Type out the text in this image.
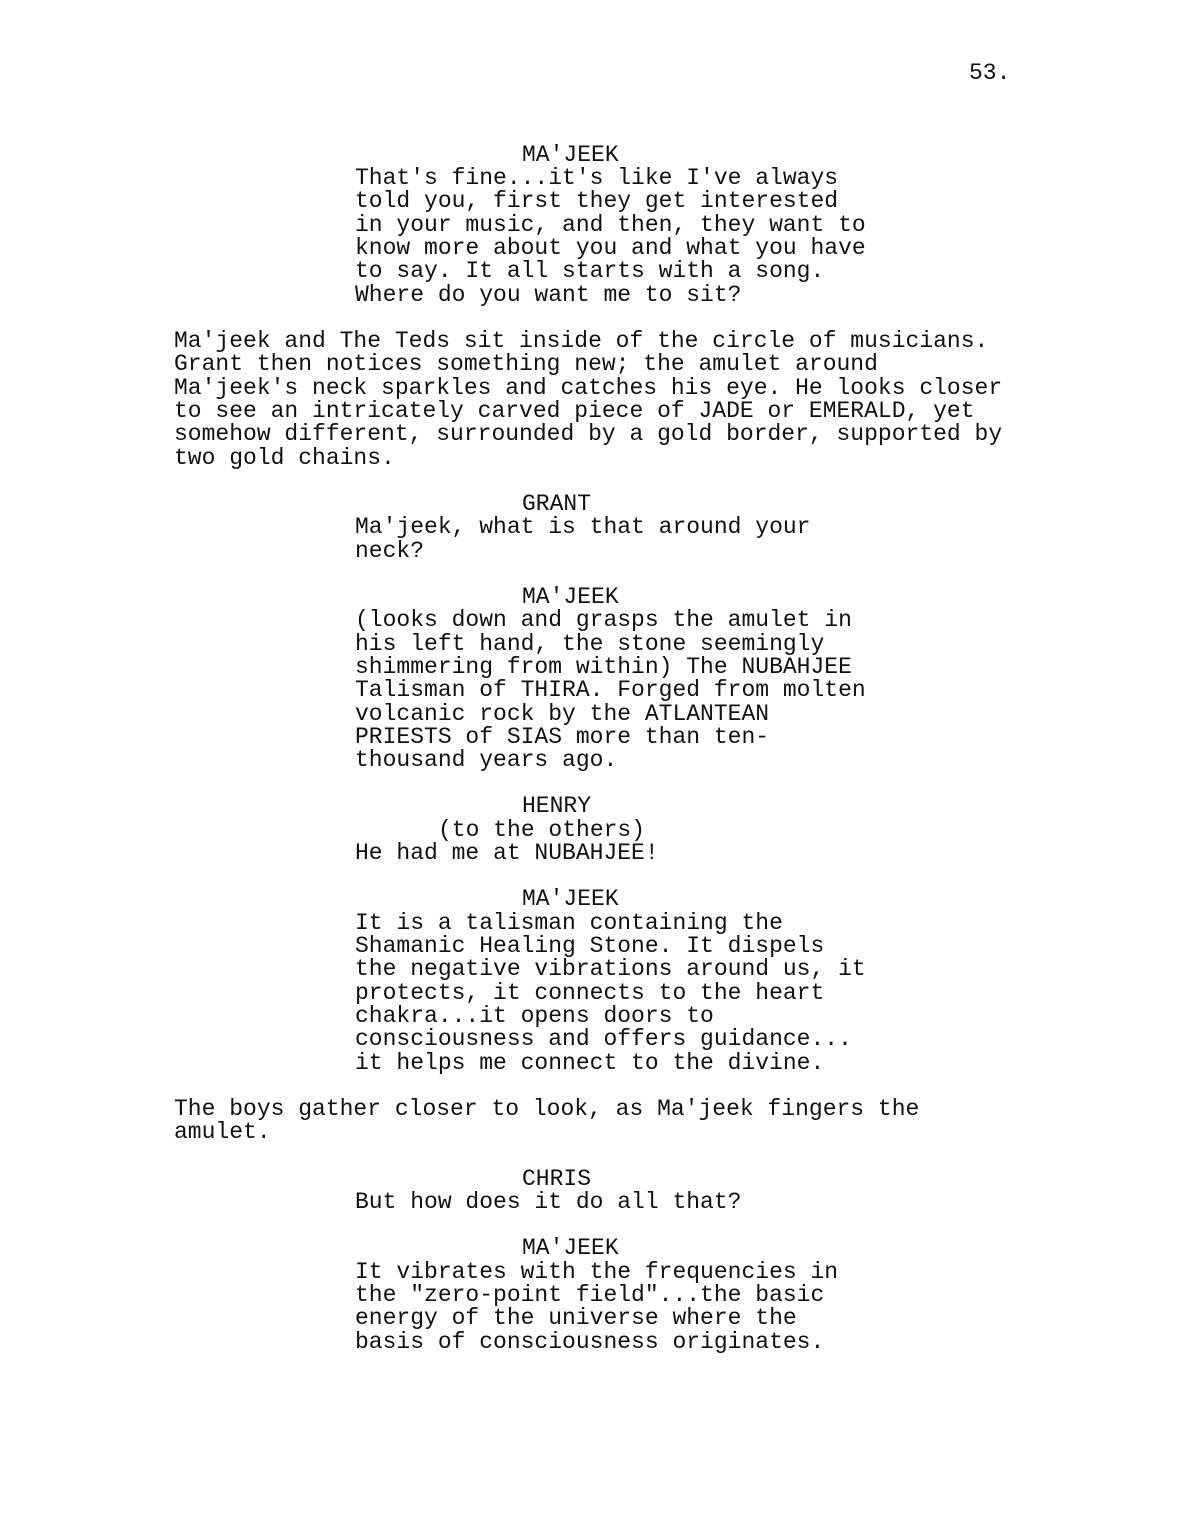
53.
MA'JEEK
That's fine...it's like I've always
told you, first they get interested
in your music, and then, they want to
know more about you and what you have
to say. It all starts with a song.
Where do you want me to sit?
Ma'jeek and The Teds sit inside of the circle of musicians.
Grant then notices something new; the amulet around
Ma'jeek's neck sparkles and catches his eye. He looks closer
to see an intricately carved piece of JADE or EMERALD, yet
somehow different, surrounded by a gold border, supported by
two gold chains.
GRANT
Ma'jeek, what is that around your
neck?
MA'JEEK
(looks down and grasps the amulet in
his left hand, the stone seemingly
shimmering from within) The NUBAHJEE
Talisman of THIRA. Forged from molten
volcanic rock by the ATLANTEAN
PRIESTS of SIAS more than ten-
thousand years ago.
HENRY
(to the others)
He had me at NUBAHJEE!
MA'JEEK
It is a talisman containing the
Shamanic Healing Stone. It dispels
the negative vibrations around us, it
protects, it connects to the heart
chakra...it opens doors to
consciousness and offers guidance...
it helps me connect to the divine.
The boys gather closer to look, as Ma'jeek fingers the
amulet.
CHRIS
But how does it do all that?
MA'JEEK
It vibrates with the frequencies in
the "zero-point field"...the basic
energy of the universe where the
basis of consciousness originates.
